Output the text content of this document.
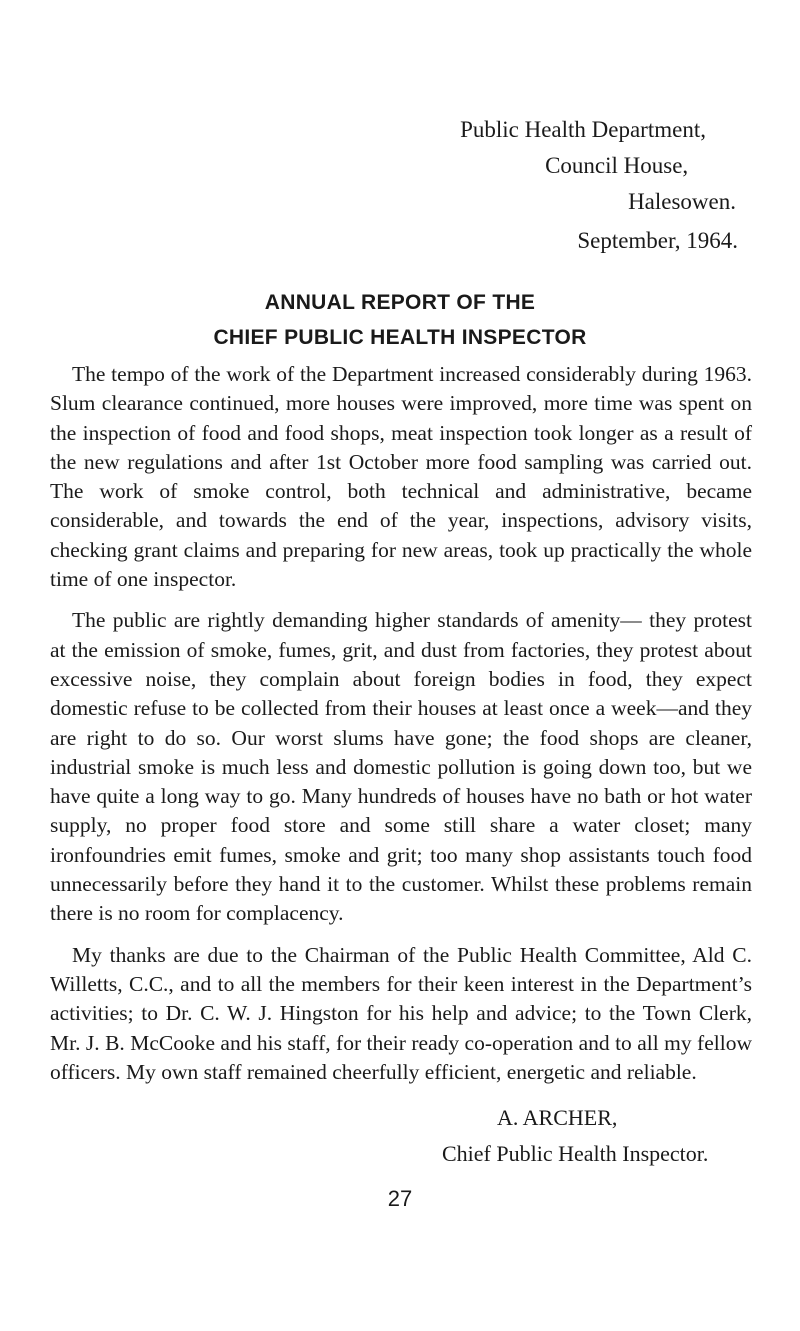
Public Health Department,
Council House,
Halesowen.
September, 1964.
ANNUAL REPORT OF THE
CHIEF PUBLIC HEALTH INSPECTOR

The tempo of the work of the Department increased considerably during 1963. Slum clearance continued, more houses were improved, more time was spent on the inspection of food and food shops, meat inspection took longer as a result of the new regulations and after 1st October more food sampling was carried out. The work of smoke control, both technical and administrative, became considerable, and towards the end of the year, inspections, advisory visits, checking grant claims and preparing for new areas, took up practically the whole time of one inspector.

The public are rightly demanding higher standards of amenity— they protest at the emission of smoke, fumes, grit, and dust from factories, they protest about excessive noise, they complain about foreign bodies in food, they expect domestic refuse to be collected from their houses at least once a week—and they are right to do so. Our worst slums have gone; the food shops are cleaner, industrial smoke is much less and domestic pollution is going down too, but we have quite a long way to go. Many hundreds of houses have no bath or hot water supply, no proper food store and some still share a water closet; many ironfoundries emit fumes, smoke and grit; too many shop assistants touch food unnecessarily before they hand it to the customer. Whilst these problems remain there is no room for complacency.

My thanks are due to the Chairman of the Public Health Committee, Ald C. Willetts, C.C., and to all the members for their keen interest in the Department’s activities; to Dr. C. W. J. Hingston for his help and advice; to the Town Clerk, Mr. J. B. McCooke and his staff, for their ready co-operation and to all my fellow officers. My own staff remained cheerfully efficient, energetic and reliable.

A. ARCHER,
Chief Public Health Inspector.
27
